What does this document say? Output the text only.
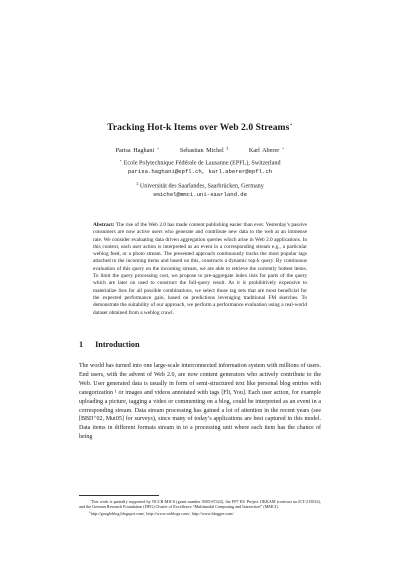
Tracking Hot-k Items over Web 2.0 Streams⋆
Parisa Haghani ⋆	Sebastian Michel ‡	Karl Aberer ⋆
⋆ Ecole Polytechnique Fédérale de Lausanne (EPFL), Switzerland
parisa.haghani@epfl.ch, karl.aberer@epfl.ch
‡ Universität des Saarlandes, Saarbrücken, Germany
smichel@mmci.uni-saarland.de
Abstract: The rise of the Web 2.0 has made content publishing easier than ever. Yesterday’s passive consumers are now active users who generate and contribute new data to the web at an immense rate. We consider evaluating data driven aggregation queries which arise in Web 2.0 applications. In this context, each user action is interpreted as an event in a corresponding stream e.g., a particular weblog feed, or a photo stream. The presented approach continuously tracks the most popular tags attached to the incoming items and based on this, constructs a dynamic top-k query. By continuous evaluation of this query on the incoming stream, we are able to retrieve the currently hottest items. To limit the query processing cost, we propose to pre-aggregate index lists for parts of the query which are later on used to construct the full-query result. As it is prohibitively expensive to materialize lists for all possible combinations, we select those tag sets that are most beneficial for the expected performance gain, based on predictions leveraging traditional FM sketches. To demonstrate the suitability of our approach, we perform a performance evaluation using a real-world dataset obtained from a weblog crawl.
1 Introduction
The world has turned into one large-scale interconnected information system with millions of users. End users, with the advent of Web 2.0, are now content generators who actively contribute to the Web. User generated data is usually in form of semi-structured text like personal blog entries with categorization ¹ or images and videos annotated with tags [Fli, You]. Each user action, for example uploading a picture, tagging a video or commenting on a blog, could be interpreted as an event in a corresponding stream. Data stream processing has gained a lot of attention in the recent years (see [BBD⁺02, Mut05] for surveys), since many of today’s applications are best captured in this model. Data items in different formats stream in to a processing unit where each item has the chance of being

⋆This work is partially supported by NCCR-MICS (grant number 5005-67322), the FP7 EU Project OKKAM (contract no.ICT-215032), and the German Research Foundation (DFG) Cluster of Excellence “Multimodal Computing and Interaction” (MMCI).

$^1$http://googleblog.blogspot.com/, http://www.weblogs.com/, http://www.blogger.com/
